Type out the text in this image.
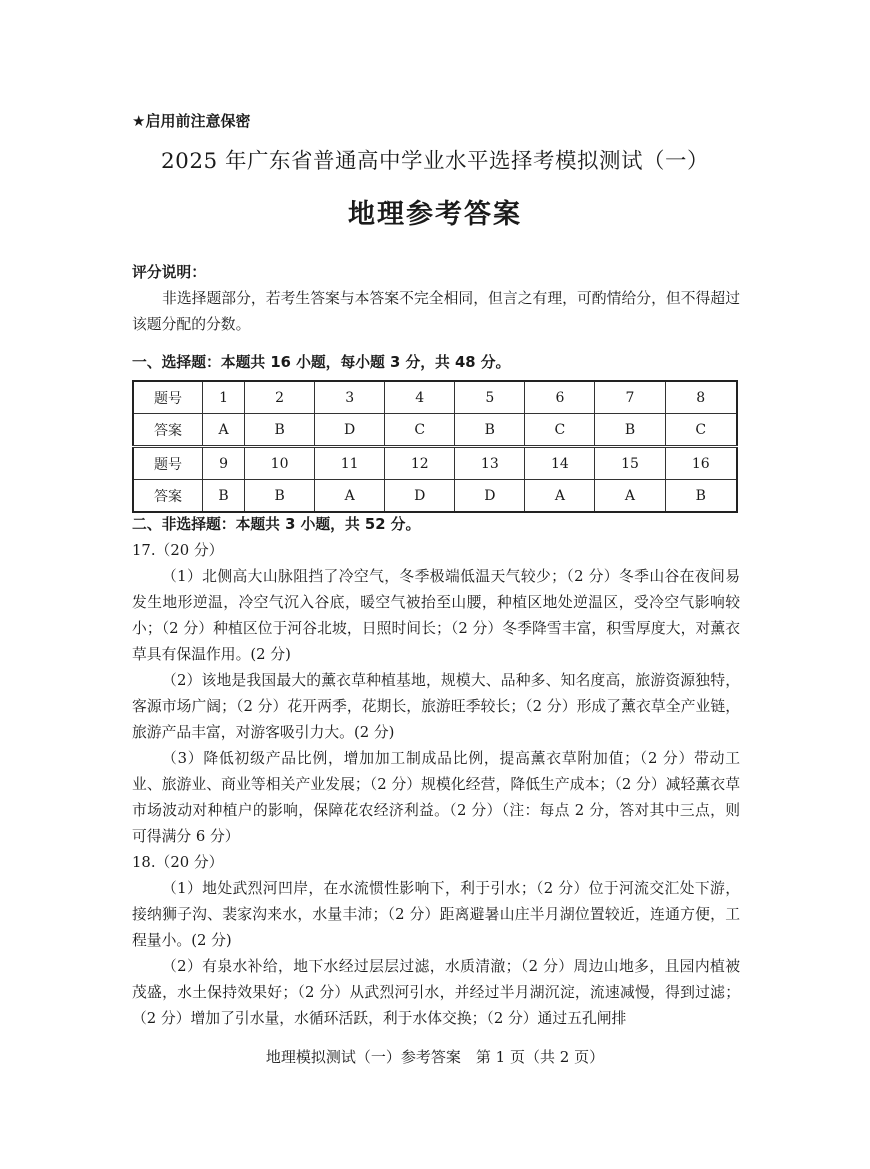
★启用前注意保密
2025 年广东省普通高中学业水平选择考模拟测试（一）
地理参考答案
评分说明：
非选择题部分，若考生答案与本答案不完全相同，但言之有理，可酌情给分，但不得超过该题分配的分数。
一、选择题：本题共 16 小题，每小题 3 分，共 48 分。
题号	1	2	3	4	5	6	7	8
答案	A	B	D	C	B	C	B	C
题号	9	10	11	12	13	14	15	16
答案	B	B	A	D	D	A	A	B
二、非选择题：本题共 3 小题，共 52 分。
17.（20 分）
（1）北侧高大山脉阻挡了冷空气，冬季极端低温天气较少；（2 分）冬季山谷在夜间易发生地形逆温，冷空气沉入谷底，暖空气被抬至山腰，种植区地处逆温区，受冷空气影响较小；（2 分）种植区位于河谷北坡，日照时间长；（2 分）冬季降雪丰富，积雪厚度大，对薰衣草具有保温作用。(2 分)
（2）该地是我国最大的薰衣草种植基地，规模大、品种多、知名度高，旅游资源独特，客源市场广阔；（2 分）花开两季，花期长，旅游旺季较长；（2 分）形成了薰衣草全产业链，旅游产品丰富，对游客吸引力大。(2 分)
（3）降低初级产品比例，增加加工制成品比例，提高薰衣草附加值；（2 分）带动工业、旅游业、商业等相关产业发展；（2 分）规模化经营，降低生产成本；（2 分）减轻薰衣草市场波动对种植户的影响，保障花农经济利益。（2 分）（注：每点 2 分，答对其中三点，则可得满分 6 分）
18.（20 分）
（1）地处武烈河凹岸，在水流惯性影响下，利于引水；（2 分）位于河流交汇处下游，接纳狮子沟、裴家沟来水，水量丰沛；（2 分）距离避暑山庄半月湖位置较近，连通方便，工程量小。(2 分)
（2）有泉水补给，地下水经过层层过滤，水质清澈；（2 分）周边山地多，且园内植被茂盛，水土保持效果好；（2 分）从武烈河引水，并经过半月湖沉淀，流速减慢，得到过滤；（2 分）增加了引水量，水循环活跃，利于水体交换；（2 分）通过五孔闸排
地理模拟测试（一）参考答案　第 1 页（共 2 页）
